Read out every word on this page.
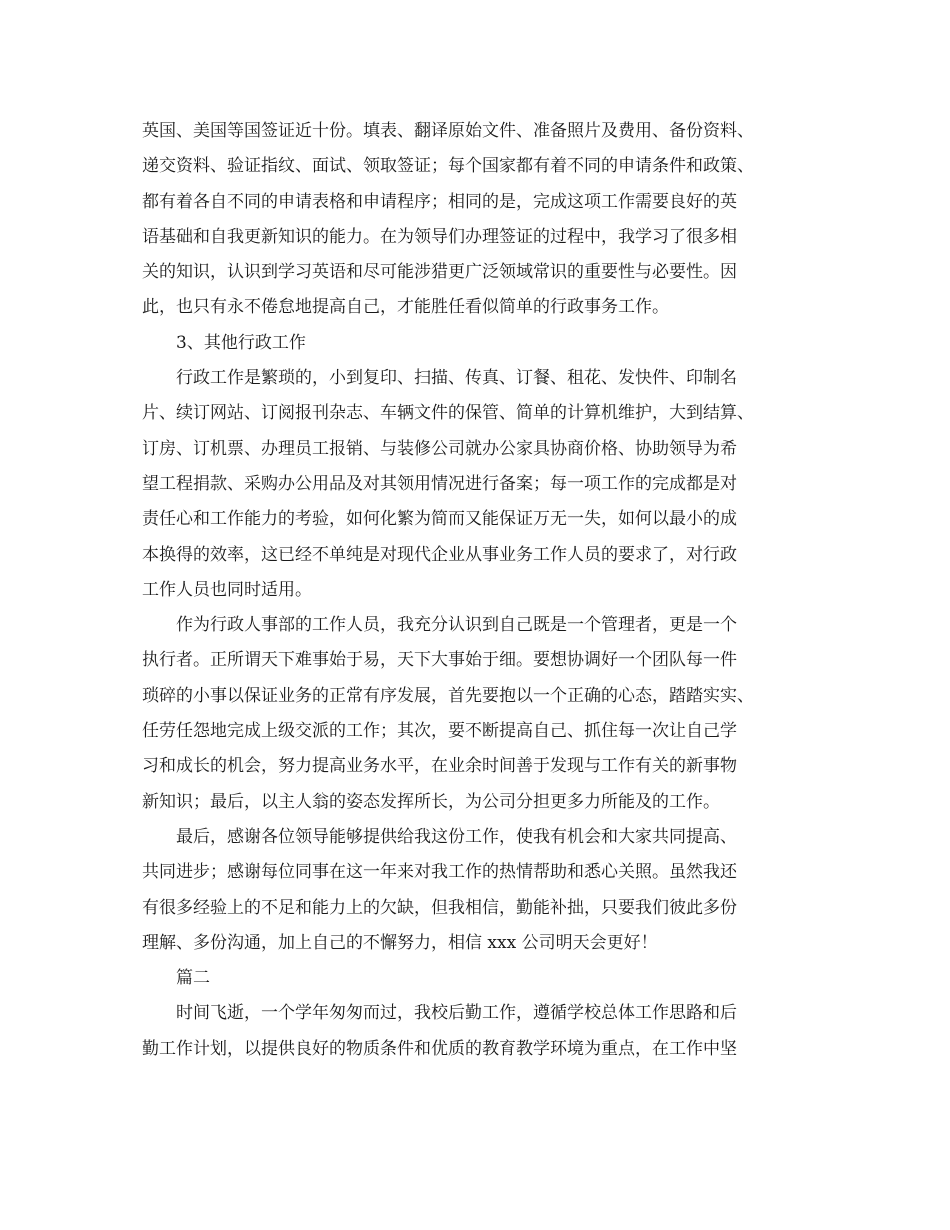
英国、美国等国签证近十份。填表、翻译原始文件、准备照片及费用、备份资料、
递交资料、验证指纹、面试、领取签证；每个国家都有着不同的申请条件和政策、
都有着各自不同的申请表格和申请程序；相同的是，完成这项工作需要良好的英
语基础和自我更新知识的能力。在为领导们办理签证的过程中，我学习了很多相
关的知识，认识到学习英语和尽可能涉猎更广泛领域常识的重要性与必要性。因
此，也只有永不倦怠地提高自己，才能胜任看似简单的行政事务工作。
3、其他行政工作
行政工作是繁琐的，小到复印、扫描、传真、订餐、租花、发快件、印制名
片、续订网站、订阅报刊杂志、车辆文件的保管、简单的计算机维护，大到结算、
订房、订机票、办理员工报销、与装修公司就办公家具协商价格、协助领导为希
望工程捐款、采购办公用品及对其领用情况进行备案；每一项工作的完成都是对
责任心和工作能力的考验，如何化繁为简而又能保证万无一失，如何以最小的成
本换得的效率，这已经不单纯是对现代企业从事业务工作人员的要求了，对行政
工作人员也同时适用。
作为行政人事部的工作人员，我充分认识到自己既是一个管理者，更是一个
执行者。正所谓天下难事始于易，天下大事始于细。要想协调好一个团队每一件
琐碎的小事以保证业务的正常有序发展，首先要抱以一个正确的心态，踏踏实实、
任劳任怨地完成上级交派的工作；其次，要不断提高自己、抓住每一次让自己学
习和成长的机会，努力提高业务水平，在业余时间善于发现与工作有关的新事物
新知识；最后，以主人翁的姿态发挥所长，为公司分担更多力所能及的工作。
最后，感谢各位领导能够提供给我这份工作，使我有机会和大家共同提高、
共同进步；感谢每位同事在这一年来对我工作的热情帮助和悉心关照。虽然我还
有很多经验上的不足和能力上的欠缺，但我相信，勤能补拙，只要我们彼此多份
理解、多份沟通，加上自己的不懈努力，相信 xxx 公司明天会更好！
篇二
时间飞逝，一个学年匆匆而过，我校后勤工作，遵循学校总体工作思路和后
勤工作计划，以提供良好的物质条件和优质的教育教学环境为重点，在工作中坚
